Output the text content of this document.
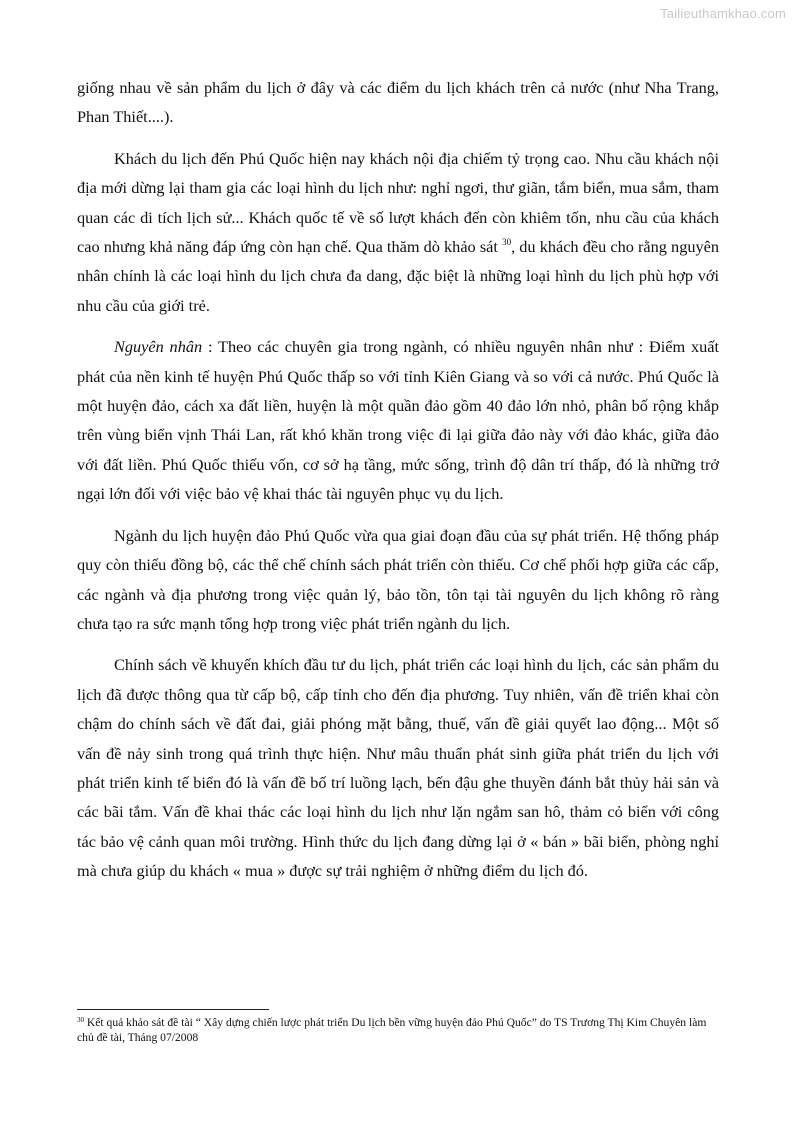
Tailieuthamkhao.com

giống nhau về sản phẩm du lịch ở đây và các điểm du lịch khách trên cả nước (như Nha Trang, Phan Thiết....).

Khách du lịch đến Phú Quốc hiện nay khách nội địa chiếm tỷ trọng cao. Nhu cầu khách nội địa mới dừng lại tham gia các loại hình du lịch như: nghỉ ngơi, thư giãn, tắm biển, mua sắm, tham quan các di tích lịch sử... Khách quốc tế về số lượt khách đến còn khiêm tốn, nhu cầu của khách cao nhưng khả năng đáp ứng còn hạn chế. Qua thăm dò khảo sát $^{30}$, du khách đều cho rằng nguyên nhân chính là các loại hình du lịch chưa đa dang, đặc biệt là những loại hình du lịch phù hợp với nhu cầu của giới trẻ.

Nguyên nhân : Theo các chuyên gia trong ngành, có nhiều nguyên nhân như : Điểm xuất phát của nền kinh tế huyện Phú Quốc thấp so với tỉnh Kiên Giang và so với cả nước. Phú Quốc là một huyện đảo, cách xa đất liền, huyện là một quần đảo gồm 40 đảo lớn nhỏ, phân bố rộng khắp trên vùng biển vịnh Thái Lan, rất khó khăn trong việc đi lại giữa đảo này với đảo khác, giữa đảo với đất liền. Phú Quốc thiếu vốn, cơ sở hạ tầng, mức sống, trình độ dân trí thấp, đó là những trở ngại lớn đối với việc bảo vệ khai thác tài nguyên phục vụ du lịch.

Ngành du lịch huyện đảo Phú Quốc vừa qua giai đoạn đầu của sự phát triển. Hệ thống pháp quy còn thiếu đồng bộ, các thể chế chính sách phát triển còn thiếu. Cơ chế phối hợp giữa các cấp, các ngành và địa phương trong việc quản lý, bảo tồn, tôn tại tài nguyên du lịch không rõ ràng chưa tạo ra sức mạnh tổng hợp trong việc phát triển ngành du lịch.

Chính sách về khuyến khích đầu tư du lịch, phát triển các loại hình du lịch, các sản phẩm du lịch đã được thông qua từ cấp bộ, cấp tỉnh cho đến địa phương. Tuy nhiên, vấn đề triển khai còn chậm do chính sách về đất đai, giải phóng mặt bằng, thuế, vấn đề giải quyết lao động... Một số vấn đề nảy sinh trong quá trình thực hiện. Như mâu thuẩn phát sinh giữa phát triển du lịch với phát triển kinh tế biển đó là vấn đề bố trí luồng lạch, bến đậu ghe thuyền đánh bắt thủy hải sản và các bãi tắm. Vấn đề khai thác các loại hình du lịch như lặn ngắm san hô, thảm cỏ biển với công tác bảo vệ cảnh quan môi trường. Hình thức du lịch đang dừng lại ở « bán » bãi biển, phòng nghỉ mà chưa giúp du khách « mua » được sự trải nghiệm ở những điểm du lịch đó.

$^{30}$ Kết quả khảo sát đề tài “ Xây dựng chiến lược phát triển Du lịch bền vững huyện đảo Phú Quốc” do TS Trương Thị Kim Chuyên làm chủ đề tài, Tháng 07/2008
